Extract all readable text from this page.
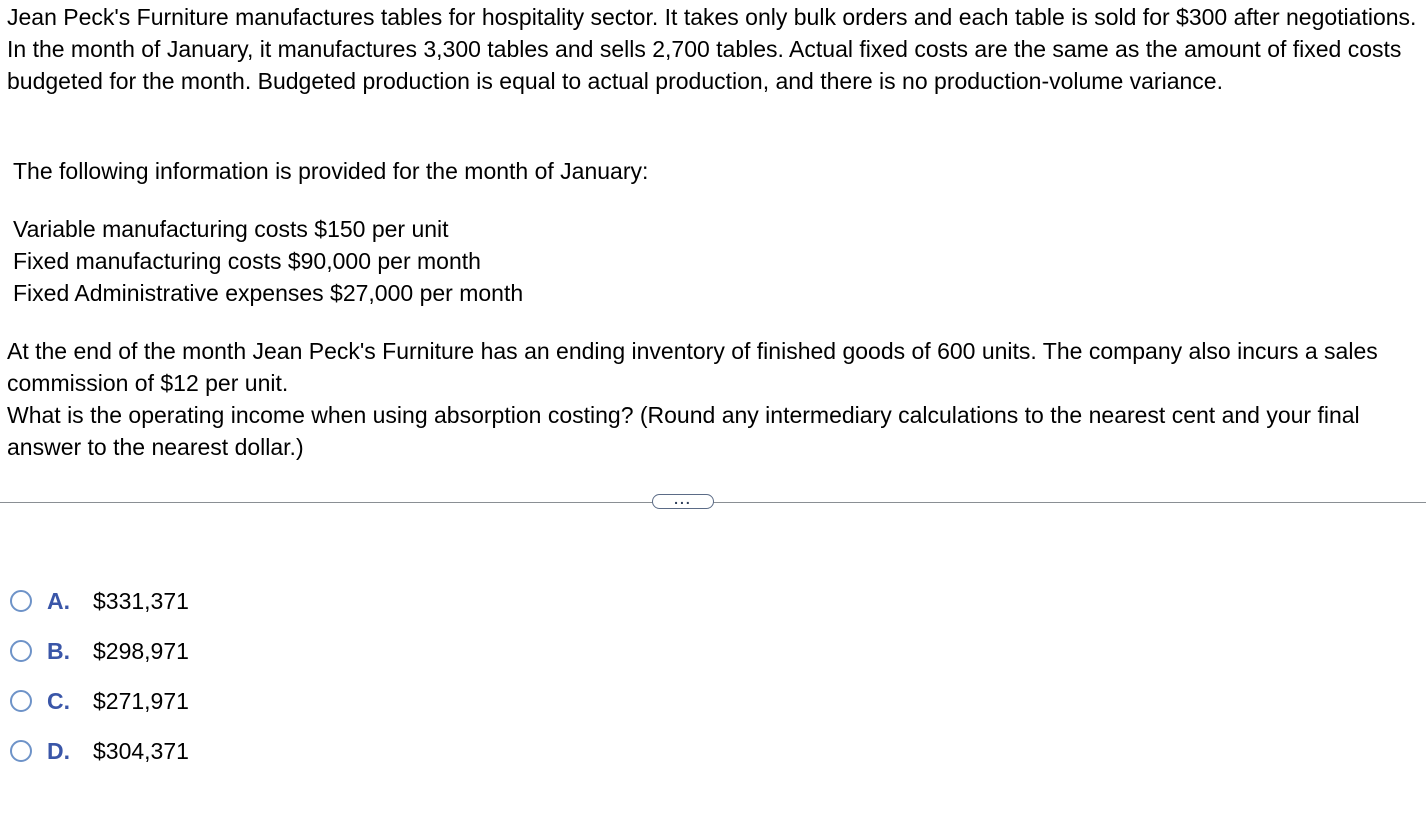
Jean Peck's Furniture manufactures tables for hospitality sector. It takes only bulk orders and each table is sold for $300 after negotiations. In the month of January, it manufactures 3,300 tables and sells 2,700 tables. Actual fixed costs are the same as the amount of fixed costs budgeted for the month. Budgeted production is equal to actual production, and there is no production-volume variance.

The following information is provided for the month of January:

Variable manufacturing costs $150 per unit
Fixed manufacturing costs $90,000 per month
Fixed Administrative expenses $27,000 per month

At the end of the month Jean Peck's Furniture has an ending inventory of finished goods of 600 units. The company also incurs a sales commission of $12 per unit.

What is the operating income when using absorption costing? (Round any intermediary calculations to the nearest cent and your final answer to the nearest dollar.)

...
A.	$331,371
B.	$298,971
C.	$271,971
D.	$304,371
